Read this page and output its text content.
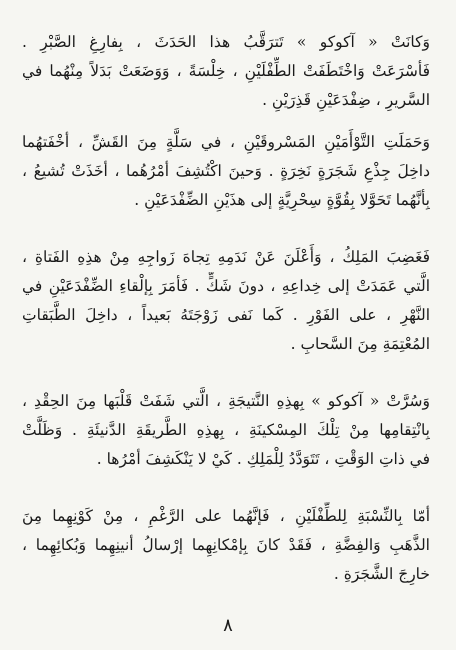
وَكانَتْ « آكوكو » تَترَقَّبُ هذا الحَدَثَ ، بِفارِغِ الصَّبْرِ .
فَأسْرَعَتْ وَاخْتَطَفَتْ الطِّفْلَيْنِ ، خِلْسَةً ، وَوَضَعَتْ بَدَلاً مِنْهُما في
السَّريرِ ، ضِفْدَعَيْنِ قَذِرَيْنِ .
وَحَمَلَتِ التَّوْأَمَيْنِ المَسْروقَيْنِ ، في سَلَّةٍ مِنَ القَشِّ ، أخْفَتهُما
داخِلَ جِذْعِ شَجَرَةٍ نَخِرَةٍ . وَحينَ اكْتُشِفَ أمْرُهُما ، أخَذَتْ تُشيعُ ،
بِأنَّهُما تَحَوَّلا بِقُوَّةٍ سِحْرِيَّةٍ إلى هذَيْنِ الضِّفْدَعَيْنِ .
فَغَضِبَ المَلِكُ ، وَأَعْلَنَ عَنْ نَدَمِهِ تِجاهَ زَواجِهِ مِنْ هذِهِ الفَتاةِ ،
الَّتي عَمَدَتْ إلى خِداعِهِ ، دونَ شَكٍّ . فَأمَرَ بِإلْقاءِ الضِّفْدَعَيْنِ في
النَّهْرِ ، على الفَوْرِ . كَما نَفى زَوْجَتَهُ بَعيداً ، داخِلَ الطَّبَقاتِ
المُعْتِمَةِ مِنَ السَّحابِ .
وَسُرَّتْ « آكوكو » بِهذِهِ النَّتيجَةِ ، الَّتي شَفَتْ قَلْبَها مِنَ الحِقْدِ ،
بِانْتِقامِها مِنْ تِلْكَ المِسْكينَةِ ، بِهذِهِ الطَّريقَةِ الدَّنيئَةِ . وَظَلَّتْ
في ذاتِ الوَقْتِ ، تَتَوَدَّدُ لِلْمَلِكِ . كَيْ لا يَنْكَشِفَ أمْرُها .
أمّا بِالنِّسْبَةِ لِلطِّفْلَيْنِ ، فَإنَّهُما على الرَّغْمِ ، مِنْ كَوْنِهِما مِنَ
الذَّهَبِ وَالفِضَّةِ ، فَقَدْ كانَ بِإمْكانِهِما إرْسالُ أنينِهِما وَبُكائِهِما ،
خارِجَ الشَّجَرَةِ .
٨
